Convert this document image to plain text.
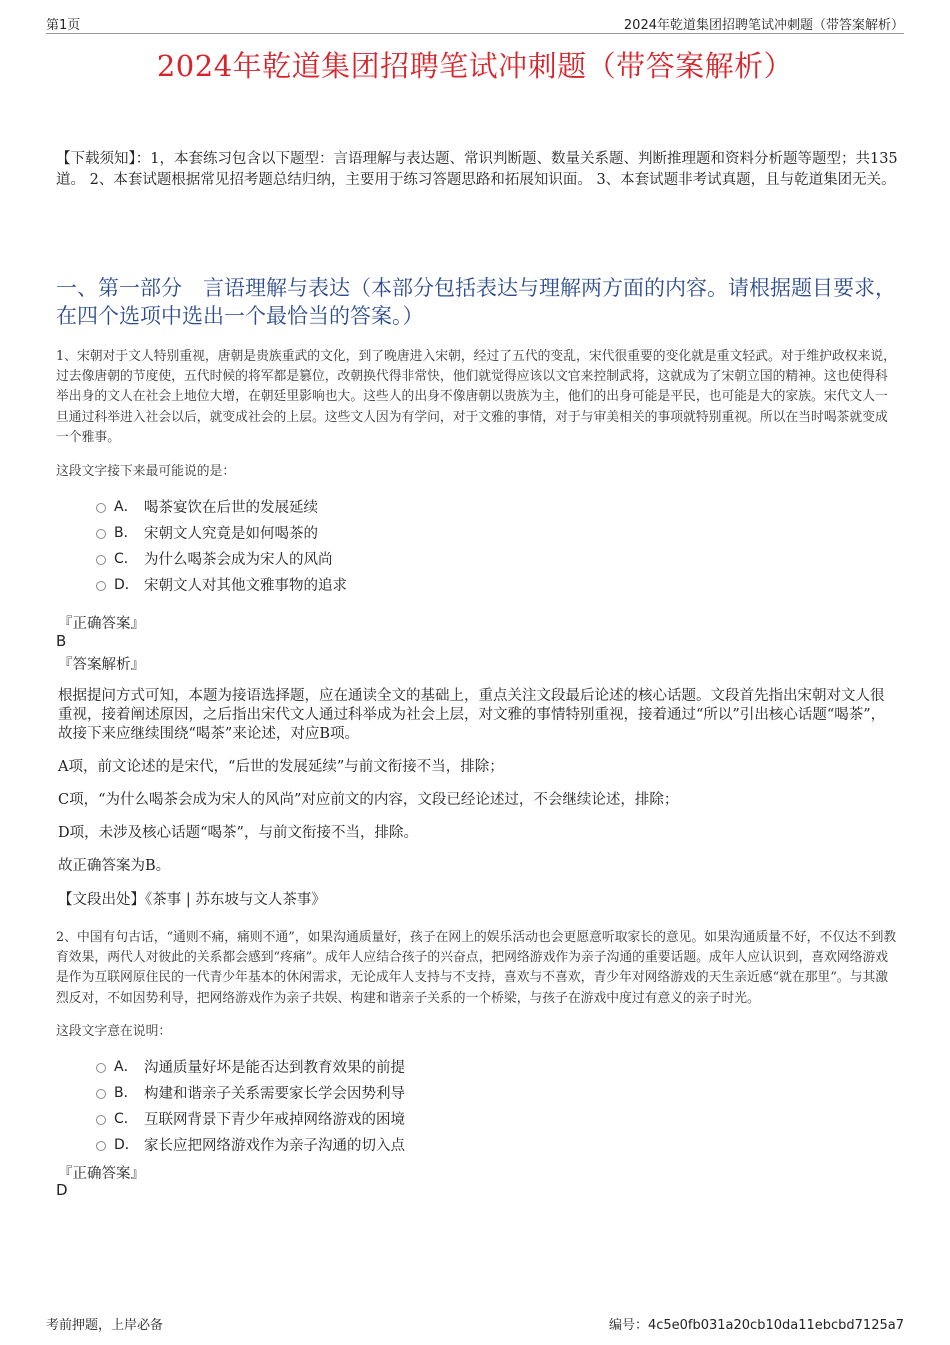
第1页	2024年乾道集团招聘笔试冲刺题（带答案解析）
2024年乾道集团招聘笔试冲刺题（带答案解析）
【下载须知】：1，本套练习包含以下题型：言语理解与表达题、常识判断题、数量关系题、判断推理题和资料分析题等题型；共135道。 2、本套试题根据常见招考题总结归纳，主要用于练习答题思路和拓展知识面。 3、本套试题非考试真题，且与乾道集团无关。
一、第一部分　言语理解与表达（本部分包括表达与理解两方面的内容。请根据题目要求，在四个选项中选出一个最恰当的答案。）
1、宋朝对于文人特别重视，唐朝是贵族重武的文化，到了晚唐进入宋朝，经过了五代的变乱，宋代很重要的变化就是重文轻武。对于维护政权来说，过去像唐朝的节度使，五代时候的将军都是篡位，改朝换代得非常快，他们就觉得应该以文官来控制武将，这就成为了宋朝立国的精神。这也使得科举出身的文人在社会上地位大增，在朝廷里影响也大。这些人的出身不像唐朝以贵族为主，他们的出身可能是平民，也可能是大的家族。宋代文人一旦通过科举进入社会以后，就变成社会的上层。这些文人因为有学问，对于文雅的事情，对于与审美相关的事项就特别重视。所以在当时喝茶就变成一个雅事。
这段文字接下来最可能说的是：
A． 喝茶宴饮在后世的发展延续
B． 宋朝文人究竟是如何喝茶的
C． 为什么喝茶会成为宋人的风尚
D． 宋朝文人对其他文雅事物的追求
『正确答案』
B
『答案解析』
根据提问方式可知，本题为接语选择题，应在通读全文的基础上，重点关注文段最后论述的核心话题。文段首先指出宋朝对文人很重视，接着阐述原因，之后指出宋代文人通过科举成为社会上层，对文雅的事情特别重视，接着通过“所以”引出核心话题“喝茶”，故接下来应继续围绕“喝茶”来论述，对应B项。
A项，前文论述的是宋代，“后世的发展延续”与前文衔接不当，排除；
C项，“为什么喝茶会成为宋人的风尚”对应前文的内容，文段已经论述过，不会继续论述，排除；
D项，未涉及核心话题“喝茶”，与前文衔接不当，排除。
故正确答案为B。
【文段出处】《茶事 | 苏东坡与文人茶事》
2、中国有句古话，“通则不痛，痛则不通”，如果沟通质量好，孩子在网上的娱乐活动也会更愿意听取家长的意见。如果沟通质量不好，不仅达不到教育效果，两代人对彼此的关系都会感到“疼痛”。成年人应结合孩子的兴奋点，把网络游戏作为亲子沟通的重要话题。成年人应认识到，喜欢网络游戏是作为互联网原住民的一代青少年基本的休闲需求，无论成年人支持与不支持，喜欢与不喜欢，青少年对网络游戏的天生亲近感“就在那里”。与其激烈反对，不如因势利导，把网络游戏作为亲子共娱、构建和谐亲子关系的一个桥梁，与孩子在游戏中度过有意义的亲子时光。
这段文字意在说明：
A． 沟通质量好坏是能否达到教育效果的前提
B． 构建和谐亲子关系需要家长学会因势利导
C． 互联网背景下青少年戒掉网络游戏的困境
D． 家长应把网络游戏作为亲子沟通的切入点
『正确答案』
D
考前押题，上岸必备	编号：4c5e0fb031a20cb10da11ebcbd7125a7
